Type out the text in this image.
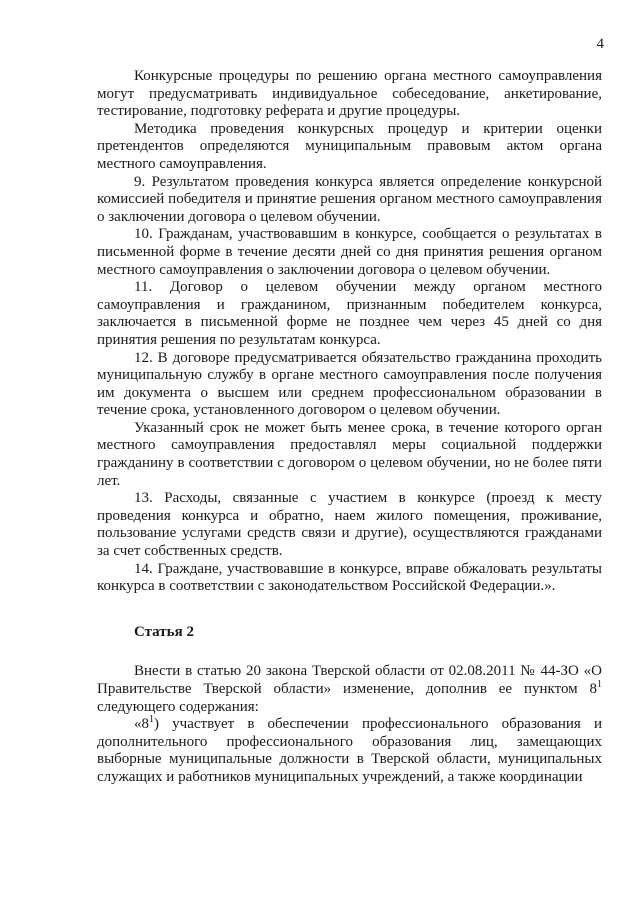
4

Конкурсные процедуры по решению органа местного самоуправления могут предусматривать индивидуальное собеседование, анкетирование, тестирование, подготовку реферата и другие процедуры.

Методика проведения конкурсных процедур и критерии оценки претендентов определяются муниципальным правовым актом органа местного самоуправления.

9. Результатом проведения конкурса является определение конкурсной комиссией победителя и принятие решения органом местного самоуправления о заключении договора о целевом обучении.

10. Гражданам, участвовавшим в конкурсе, сообщается о результатах в письменной форме в течение десяти дней со дня принятия решения органом местного самоуправления о заключении договора о целевом обучении.

11. Договор о целевом обучении между органом местного самоуправления и гражданином, признанным победителем конкурса, заключается в письменной форме не позднее чем через 45 дней со дня принятия решения по результатам конкурса.

12. В договоре предусматривается обязательство гражданина проходить муниципальную службу в органе местного самоуправления после получения им документа о высшем или среднем профессиональном образовании в течение срока, установленного договором о целевом обучении.

Указанный срок не может быть менее срока, в течение которого орган местного самоуправления предоставлял меры социальной поддержки гражданину в соответствии с договором о целевом обучении, но не более пяти лет.

13. Расходы, связанные с участием в конкурсе (проезд к месту проведения конкурса и обратно, наем жилого помещения, проживание, пользование услугами средств связи и другие), осуществляются гражданами за счет собственных средств.

14. Граждане, участвовавшие в конкурсе, вправе обжаловать результаты конкурса в соответствии с законодательством Российской Федерации.».

Статья 2

Внести в статью 20 закона Тверской области от 02.08.2011 № 44-ЗО «О Правительстве Тверской области» изменение, дополнив ее пунктом $8^1$ следующего содержания:

«$8^1$) участвует в обеспечении профессионального образования и дополнительного профессионального образования лиц, замещающих выборные муниципальные должности в Тверской области, муниципальных служащих и работников муниципальных учреждений, а также координации
